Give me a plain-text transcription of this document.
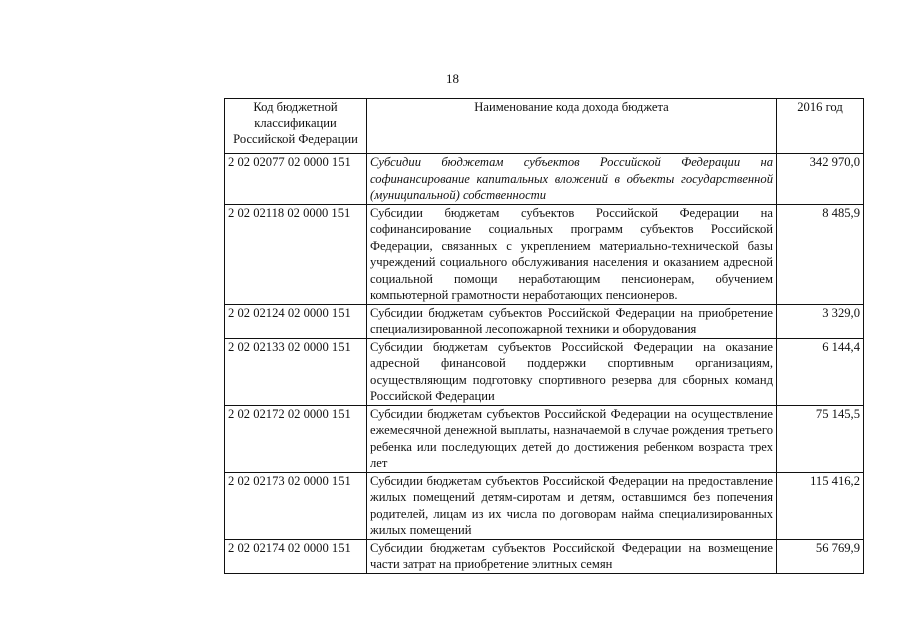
18
Код бюджетной классификации Российской Федерации	Наименование кода дохода бюджета	2016 год
2 02 02077 02 0000 151	Субсидии бюджетам субъектов Российской Федерации на софинансирование капитальных вложений в объекты государственной (муниципальной) собственности	342 970,0
2 02 02118 02 0000 151	Субсидии бюджетам субъектов Российской Федерации на софинансирование социальных программ субъектов Российской Федерации, связанных с укреплением материально-технической базы учреждений социального обслуживания населения и оказанием адресной социальной помощи неработающим пенсионерам, обучением компьютерной грамотности неработающих пенсионеров.	8 485,9
2 02 02124 02 0000 151	Субсидии бюджетам субъектов Российской Федерации на приобретение специализированной лесопожарной техники и оборудования	3 329,0
2 02 02133 02 0000 151	Субсидии бюджетам субъектов Российской Федерации на оказание адресной финансовой поддержки спортивным организациям, осуществляющим подготовку спортивного резерва для сборных команд Российской Федерации	6 144,4
2 02 02172 02 0000 151	Субсидии бюджетам субъектов Российской Федерации на осуществление ежемесячной денежной выплаты, назначаемой в случае рождения третьего ребенка или последующих детей до достижения ребенком возраста трех лет	75 145,5
2 02 02173 02 0000 151	Субсидии бюджетам субъектов Российской Федерации на предоставление жилых помещений детям-сиротам и детям, оставшимся без попечения родителей, лицам из их числа по договорам найма специализированных жилых помещений	115 416,2
2 02 02174 02 0000 151	Субсидии бюджетам субъектов Российской Федерации на возмещение части затрат на приобретение элитных семян	56 769,9
